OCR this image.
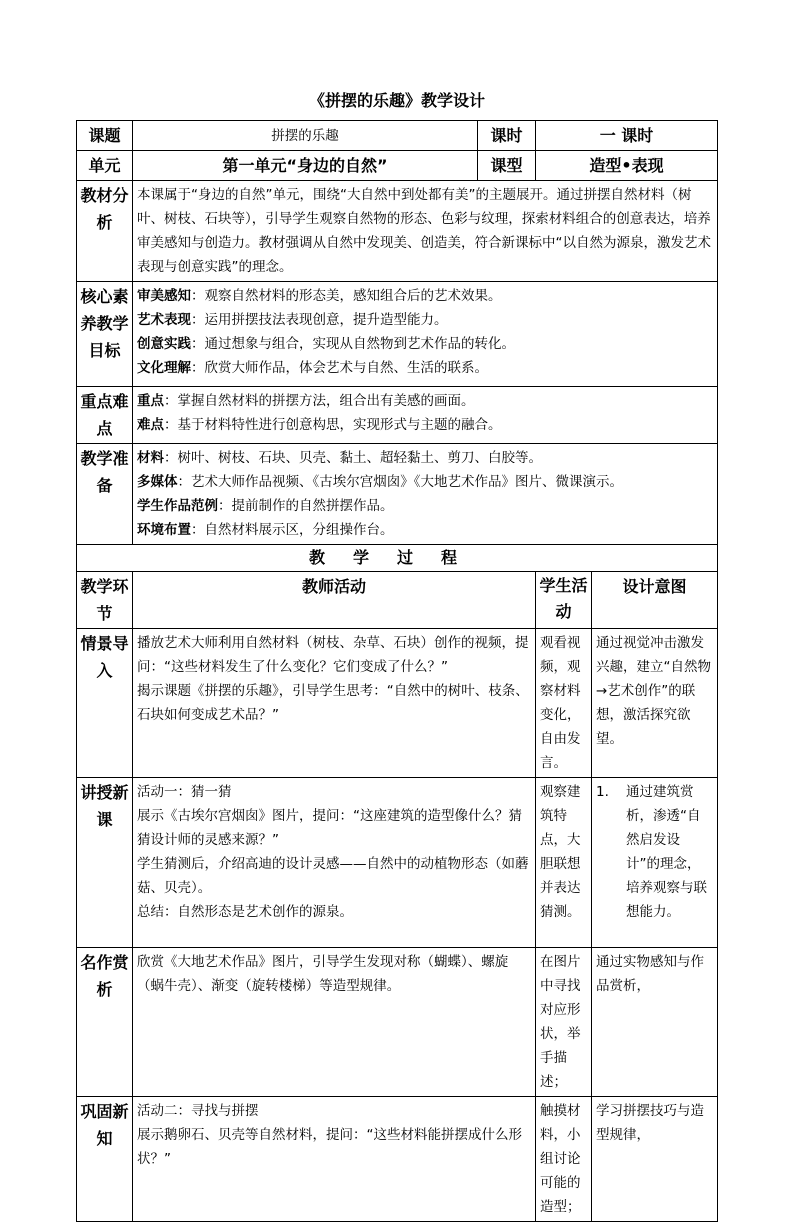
《拼摆的乐趣》教学设计
课题	拼摆的乐趣	课时	一 课时	
单元	第一单元“身边的自然”	课型	造型•表现	
教材分析	本课属于“身边的自然”单元，围绕“大自然中到处都有美”的主题展开。通过拼摆自然材料（树叶、树枝、石块等），引导学生观察自然物的形态、色彩与纹理，探索材料组合的创意表达，培养审美感知与创造力。教材强调从自然中发现美、创造美，符合新课标中“以自然为源泉，激发艺术表现与创意实践”的理念。			
核心素养教学目标	审美感知：观察自然材料的形态美，感知组合后的艺术效果。
艺术表现：运用拼摆技法表现创意，提升造型能力。
创意实践：通过想象与组合，实现从自然物到艺术作品的转化。
文化理解：欣赏大师作品，体会艺术与自然、生活的联系。			

重点难点	重点：掌握自然材料的拼摆方法，组合出有美感的画面。
难点：基于材料特性进行创意构思，实现形式与主题的融合。			

教学准备	材料：树叶、树枝、石块、贝壳、黏土、超轻黏土、剪刀、白胶等。
多媒体：艺术大师作品视频、《古埃尔宫烟囱》《大地艺术作品》图片、微课演示。
学生作品范例：提前制作的自然拼摆作品。
环境布置：自然材料展示区，分组操作台。			

教学过程				
教学环节	教师活动		学生活动	设计意图
情景导入	播放艺术大师利用自然材料（树枝、杂草、石块）创作的视频，提问：“这些材料发生了什么变化？它们变成了什么？”
揭示课题《拼摆的乐趣》，引导学生思考：“自然中的树叶、枝条、石块如何变成艺术品？”		观看视频，观察材料变化，自由发言。	通过视觉冲击激发兴趣，建立“自然物→艺术创作”的联想，激活探究欲望。
讲授新课	活动一：猜一猜
展示《古埃尔宫烟囱》图片，提问：“这座建筑的造型像什么？猜猜设计师的灵感来源？”
学生猜测后，介绍高迪的设计灵感——自然中的动植物形态（如蘑菇、贝壳）。
总结：自然形态是艺术创作的源泉。		观察建筑特点，大胆联想并表达猜测。	1. 通过建筑赏析，渗透“自然启发设计”的理念，培养观察与联想能力。

名作赏析	欣赏《大地艺术作品》图片，引导学生发现对称（蝴蝶）、螺旋（蜗牛壳）、渐变（旋转楼梯）等造型规律。		在图片中寻找对应形状，举手描述；	通过实物感知与作品赏析，
巩固新知	活动二：寻找与拼摆
展示鹅卵石、贝壳等自然材料，提问：“这些材料能拼摆成什么形状？”		触摸材料，小组讨论可能的造型；	学习拼摆技巧与造型规律，
